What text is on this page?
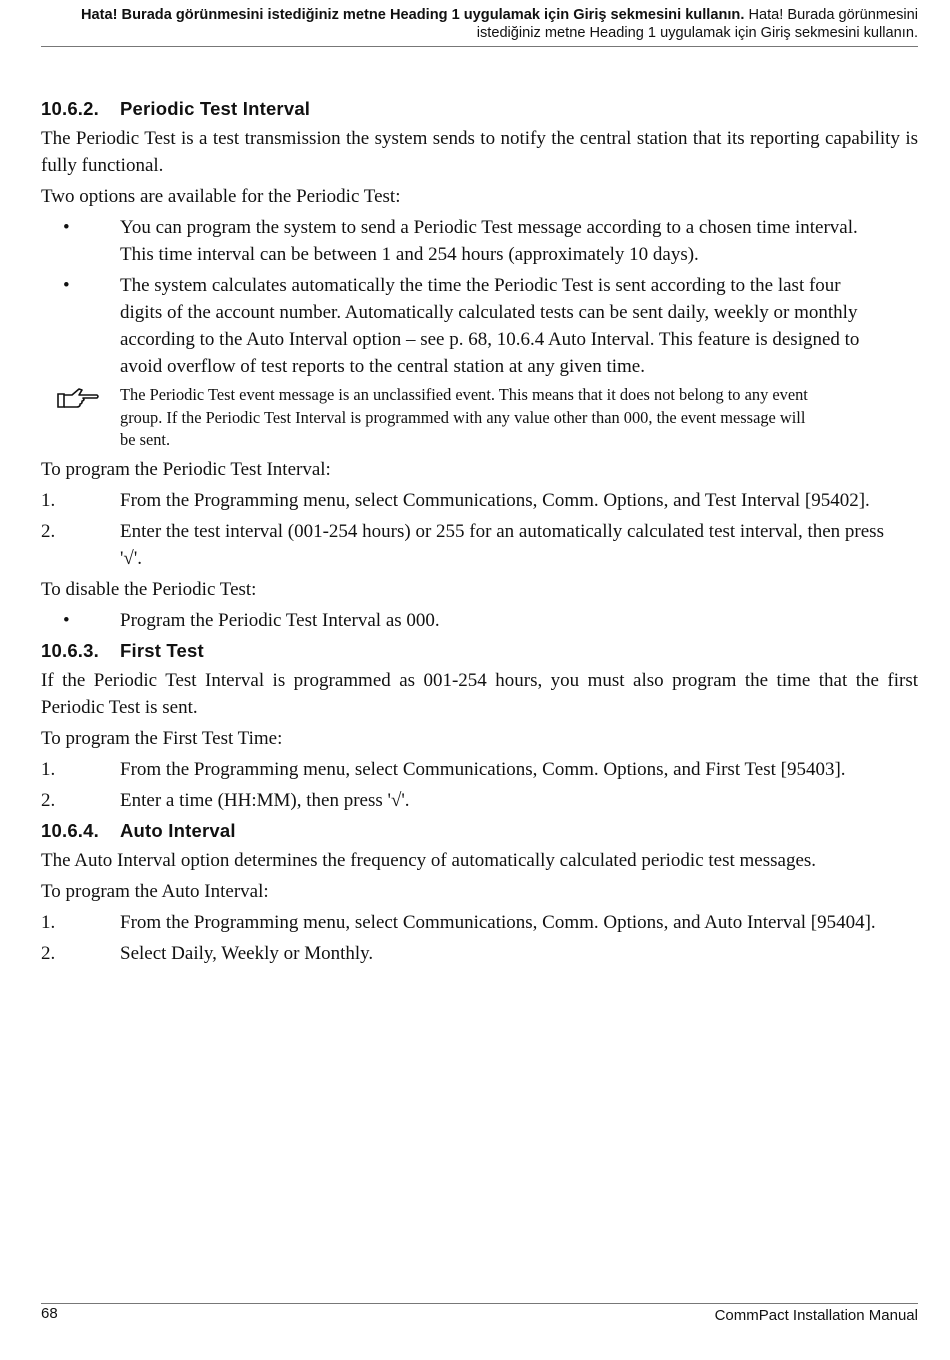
Hata! Burada görünmesini istediğiniz metne Heading 1 uygulamak için Giriş sekmesini kullanın. Hata! Burada görünmesini istediğiniz metne Heading 1 uygulamak için Giriş sekmesini kullanın.
10.6.2. Periodic Test Interval
The Periodic Test is a test transmission the system sends to notify the central station that its reporting capability is fully functional.
Two options are available for the Periodic Test:
•	You can program the system to send a Periodic Test message according to a chosen time interval. This time interval can be between 1 and 254 hours (approximately 10 days).
•	The system calculates automatically the time the Periodic Test is sent according to the last four digits of the account number. Automatically calculated tests can be sent daily, weekly or monthly according to the Auto Interval option – see p. 68, 10.6.4 Auto Interval. This feature is designed to avoid overflow of test reports to the central station at any given time.
The Periodic Test event message is an unclassified event. This means that it does not belong to any event group. If the Periodic Test Interval is programmed with any value other than 000, the event message will be sent.
To program the Periodic Test Interval:
1.	From the Programming menu, select Communications, Comm. Options, and Test Interval [95402].
2.	Enter the test interval (001-254 hours) or 255 for an automatically calculated test interval, then press '√'.
To disable the Periodic Test:
•	Program the Periodic Test Interval as 000.
10.6.3. First Test
If the Periodic Test Interval is programmed as 001-254 hours, you must also program the time that the first Periodic Test is sent.
To program the First Test Time:
1.	From the Programming menu, select Communications, Comm. Options, and First Test [95403].
2.	Enter a time (HH:MM), then press '√'.
10.6.4. Auto Interval
The Auto Interval option determines the frequency of automatically calculated periodic test messages.
To program the Auto Interval:
1.	From the Programming menu, select Communications, Comm. Options, and Auto Interval [95404].
2.	Select Daily, Weekly or Monthly.
68	CommPact Installation Manual
